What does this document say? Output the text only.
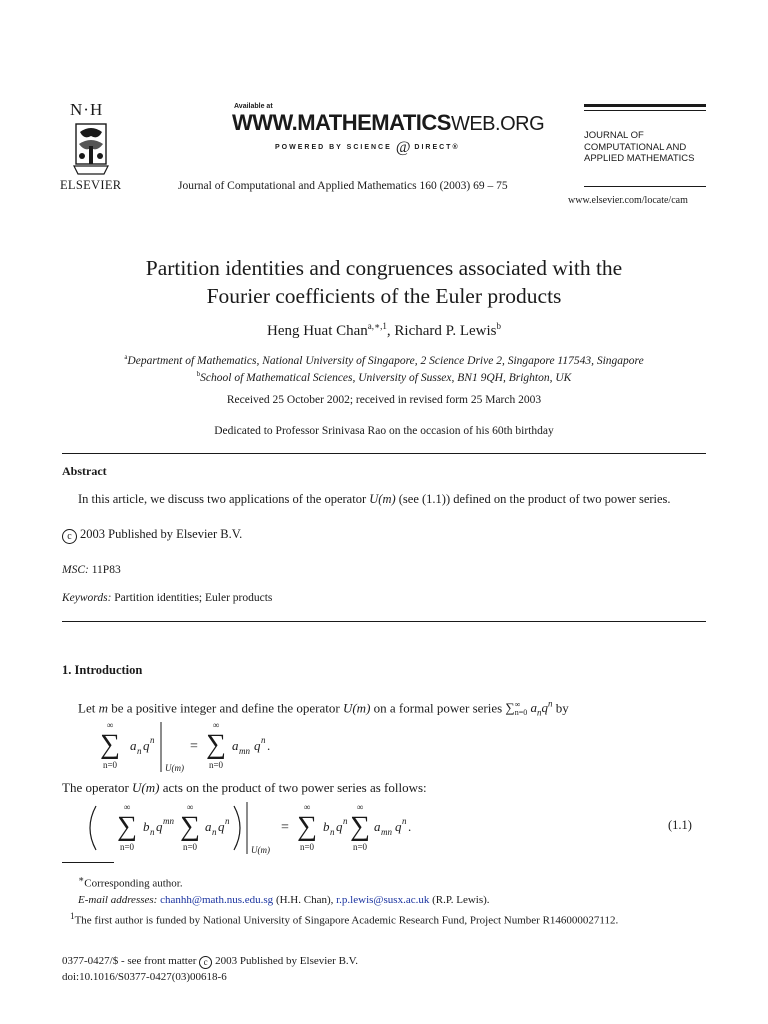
N·H
ELSEVIER
Available at
WWW.MATHEMATICSWEB.ORG
POWERED BY SCIENCE @ DIRECT®
Journal of Computational and Applied Mathematics 160 (2003) 69 – 75
JOURNAL OF
COMPUTATIONAL AND
APPLIED MATHEMATICS
www.elsevier.com/locate/cam
Partition identities and congruences associated with the
Fourier coefficients of the Euler products
Heng Huat Chan$^{a,∗,1}$, Richard P. Lewis$^b$
$^a$Department of Mathematics, National University of Singapore, 2 Science Drive 2, Singapore 117543, Singapore
$^b$School of Mathematical Sciences, University of Sussex, BN1 9QH, Brighton, UK
Received 25 October 2002; received in revised form 25 March 2003
Dedicated to Professor Srinivasa Rao on the occasion of his 60th birthday
Abstract
In this article, we discuss two applications of the operator U(m) (see (1.1)) defined on the product of two power series.
c 2003 Published by Elsevier B.V.
MSC: 11P83
Keywords: Partition identities; Euler products
1. Introduction
Let m be a positive integer and define the operator U(m) on a formal power series ∑ ∞
n=0 $a_nq^n$ by
∞
∑
n=0
a n q n
U(m)
=
∞
∑
n=0
a mn q n .
∞
∑
n=0
b n q mn
∞
∑
n=0
a n q n
U(m)
=
∞
∑
n=0
b n q n
∞
∑
n=0
a mn q n .
The operator U(m) acts on the product of two power series as follows:
(1.1)
∗Corresponding author.
E-mail addresses: chanhh@math.nus.edu.sg (H.H. Chan), r.p.lewis@susx.ac.uk (R.P. Lewis).
$^1$The first author is funded by National University of Singapore Academic Research Fund, Project Number R146000027112.
0377-0427/$ - see front matter c 2003 Published by Elsevier B.V.
doi:10.1016/S0377-0427(03)00618-6
